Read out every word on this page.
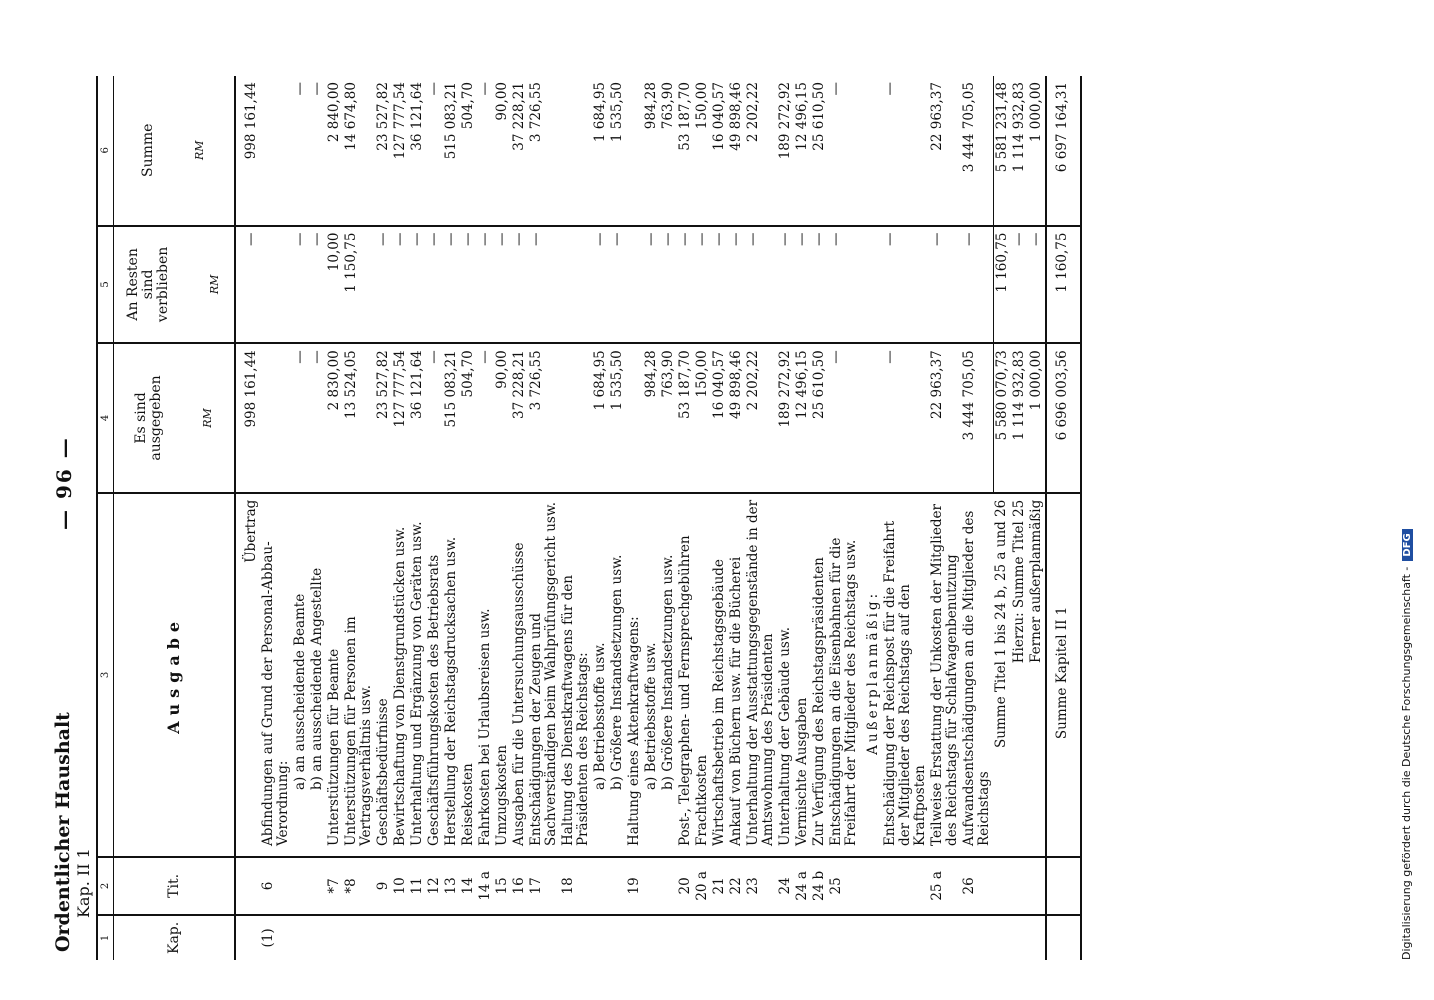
Ordentlicher Haushalt Kap. II 1
— 96 —
1	2	3	4	5	6
Kap.	Tit.	Ausgabe	Es sind ausgegeben RM	An Resten sind verblieben RM	Summe RM

		Übertrag	998 161,44	—	998 161,44
(1)	6	Abfindungen auf Grund der Personal-Abbau-Verordnung:			
		a) an ausscheidende Beamte	—	—	—
		b) an ausscheidende Angestellte	—	—	—
	*7	Unterstützungen für Beamte	2 830,00	10,00	2 840,00
	*8	Unterstützungen für Personen im Vertragsverhältnis usw.	13 524,05	1 150,75	14 674,80
	9	Geschäftsbedürfnisse	23 527,82	—	23 527,82
	10	Bewirtschaftung von Dienstgrundstücken usw.	127 777,54	—	127 777,54
	11	Unterhaltung und Ergänzung von Geräten usw.	36 121,64	—	36 121,64
	12	Geschäftsführungskosten des Betriebsrats	—	—	—
	13	Herstellung der Reichstagsdrucksachen usw.	515 083,21	—	515 083,21
	14	Reisekosten	504,70	—	504,70
	14 a	Fahrkosten bei Urlaubsreisen usw.	—	—	—
	15	Umzugskosten	90,00	—	90,00
	16	Ausgaben für die Untersuchungsausschüsse	37 228,21	—	37 228,21
	17	Entschädigungen der Zeugen und Sachverständigen beim Wahlprüfungsgericht usw.	3 726,55	—	3 726,55
	18	Haltung des Dienstkraftwagens für den Präsidenten des Reichstags:			
		a) Betriebsstoffe usw.	1 684,95	—	1 684,95
		b) Größere Instandsetzungen usw.	1 535,50	—	1 535,50
	19	Haltung eines Aktenkraftwagens:			
		a) Betriebsstoffe usw.	984,28	—	984,28
		b) Größere Instandsetzungen usw.	763,90	—	763,90
	20	Post-, Telegraphen- und Fernsprechgebühren	53 187,70	—	53 187,70
	20 a	Frachtkosten	150,00	—	150,00
	21	Wirtschaftsbetrieb im Reichstagsgebäude	16 040,57	—	16 040,57
	22	Ankauf von Büchern usw. für die Bücherei	49 898,46	—	49 898,46
	23	Unterhaltung der Ausstattungsgegenstände in der Amtswohnung des Präsidenten	2 202,22	—	2 202,22
	24	Unterhaltung der Gebäude usw.	189 272,92	—	189 272,92
	24 a	Vermischte Ausgaben	12 496,15	—	12 496,15
	24 b	Zur Verfügung des Reichstagspräsidenten	25 610,50	—	25 610,50
	25	Entschädigungen an die Eisenbahnen für die Freifahrt der Mitglieder des Reichstags usw.	—	—	—
		Außerplanmäßig:			
		Entschädigung der Reichspost für die Freifahrt der Mitglieder des Reichstags auf den Kraftposten	—	—	—
	25 a	Teilweise Erstattung der Unkosten der Mitglieder des Reichstags für Schlafwagenbenutzung	22 963,37	—	22 963,37
	26	Aufwandsentschädigungen an die Mitglieder des Reichstags	3 444 705,05	—	3 444 705,05
		Summe Titel 1 bis 24 b, 25 a und 26	5 580 070,73	1 160,75	5 581 231,48
		Hierzu: Summe Titel 25	1 114 932,83	—	1 114 932,83
		Ferner außerplanmäßig	1 000,00	—	1 000,00
		Summe Kapitel II 1	6 696 003,56	1 160,75	6 697 164,31
Digitalisierung gefördert durch die Deutsche Forschungsgemeinschaft -DFG
